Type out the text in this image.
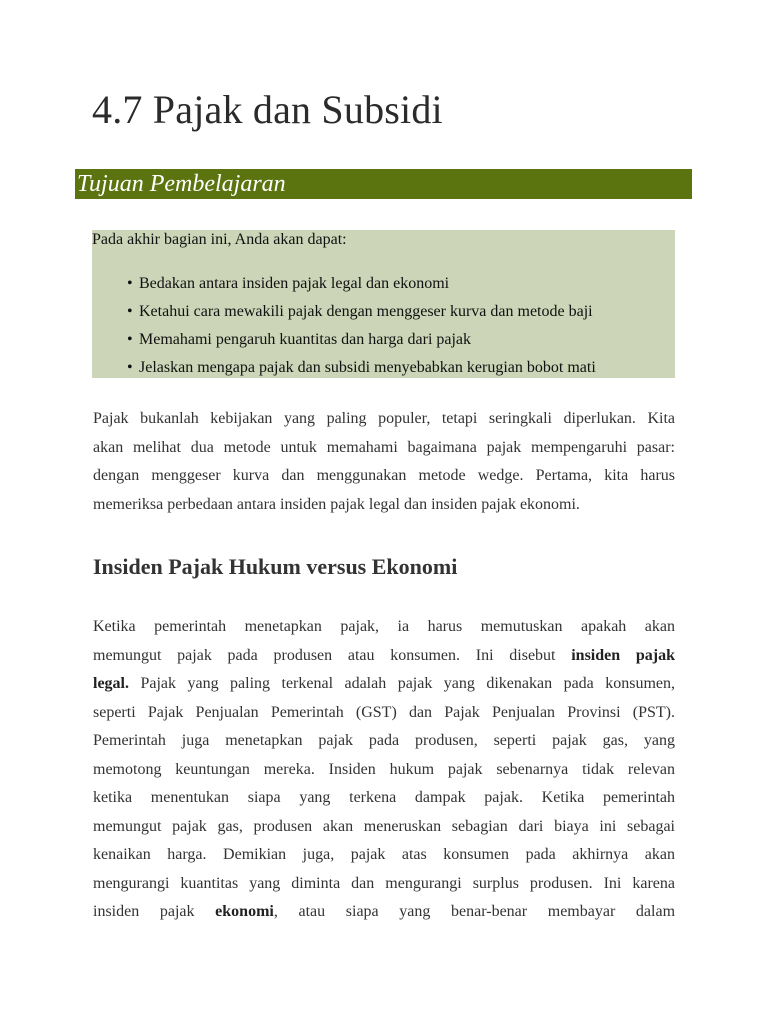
4.7 Pajak dan Subsidi
Tujuan Pembelajaran

Pada akhir bagian ini, Anda akan dapat:

• Bedakan antara insiden pajak legal dan ekonomi
• Ketahui cara mewakili pajak dengan menggeser kurva dan metode baji
• Memahami pengaruh kuantitas dan harga dari pajak
• Jelaskan mengapa pajak dan subsidi menyebabkan kerugian bobot mati
Pajak bukanlah kebijakan yang paling populer, tetapi seringkali diperlukan. Kita
akan melihat dua metode untuk memahami bagaimana pajak mempengaruhi pasar:
dengan menggeser kurva dan menggunakan metode wedge. Pertama, kita harus
memeriksa perbedaan antara insiden pajak legal dan insiden pajak ekonomi.
Insiden Pajak Hukum versus Ekonomi
Ketika pemerintah menetapkan pajak, ia harus memutuskan apakah akan
memungut pajak pada produsen atau konsumen. Ini disebut insiden pajak
legal. Pajak yang paling terkenal adalah pajak yang dikenakan pada konsumen,
seperti Pajak Penjualan Pemerintah (GST) dan Pajak Penjualan Provinsi (PST).
Pemerintah juga menetapkan pajak pada produsen, seperti pajak gas, yang
memotong keuntungan mereka. Insiden hukum pajak sebenarnya tidak relevan
ketika menentukan siapa yang terkena dampak pajak. Ketika pemerintah
memungut pajak gas, produsen akan meneruskan sebagian dari biaya ini sebagai
kenaikan harga. Demikian juga, pajak atas konsumen pada akhirnya akan
mengurangi kuantitas yang diminta dan mengurangi surplus produsen. Ini karena
insiden pajak ekonomi, atau siapa yang benar-benar membayar dalam
